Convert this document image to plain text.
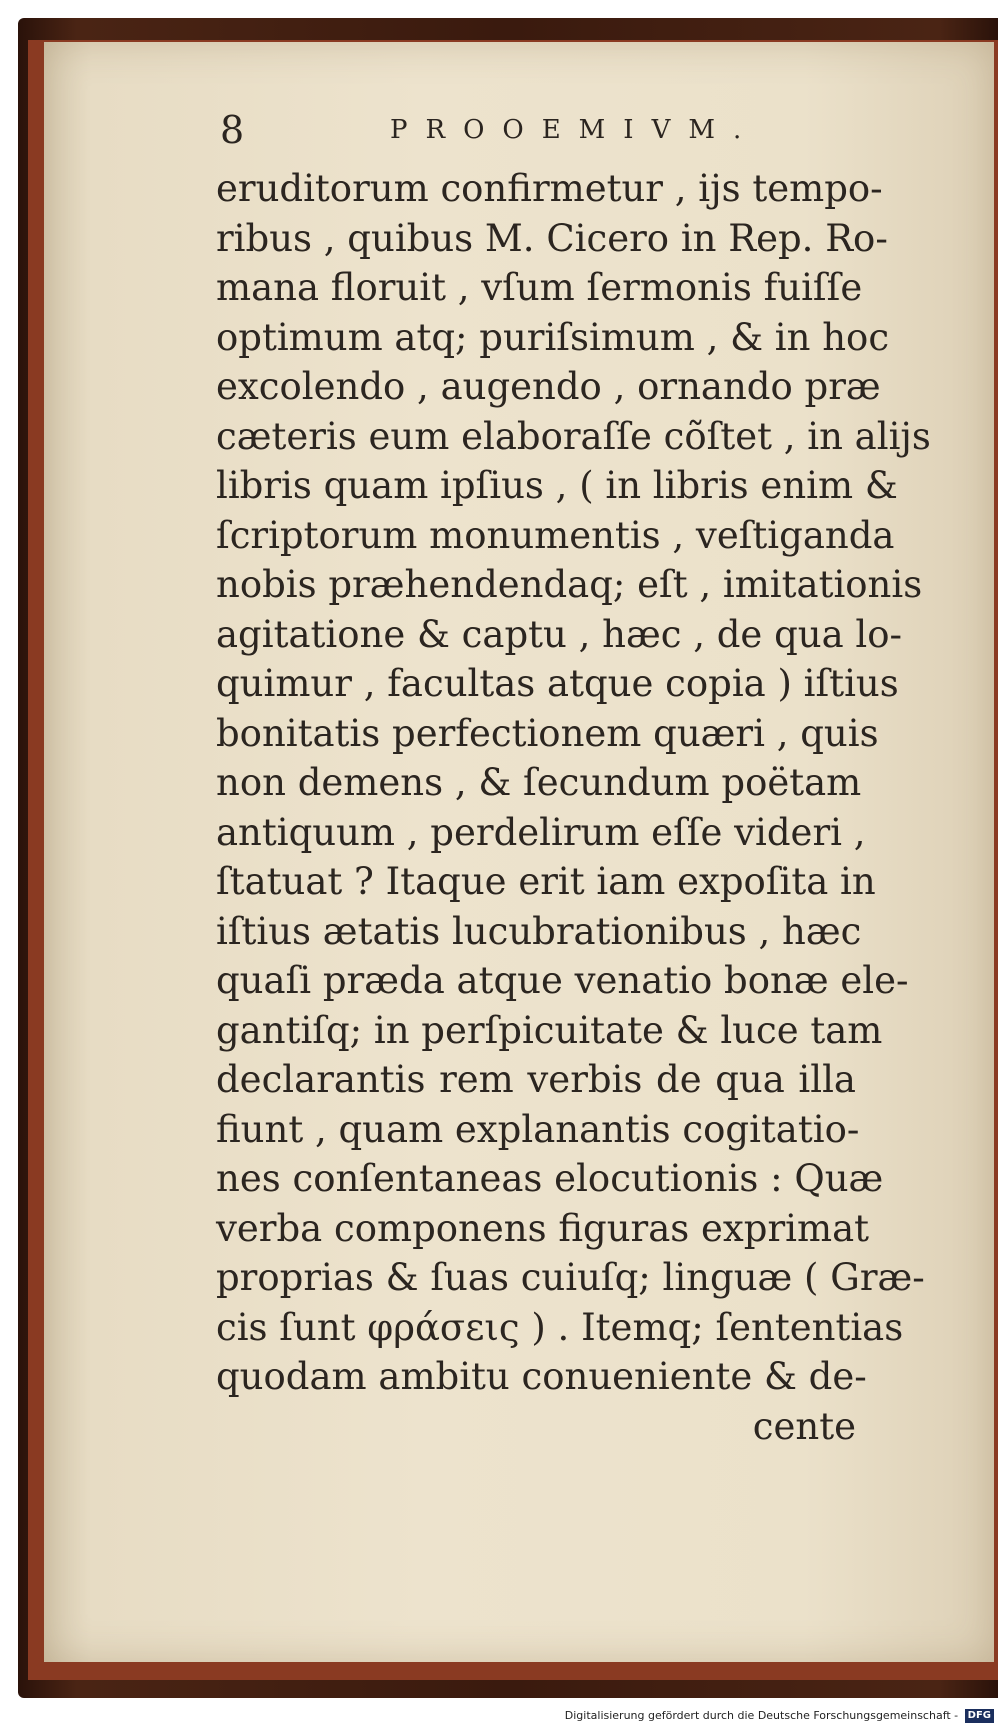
8	PROOEMIVM.
eruditorum confirmetur , ijs tempo-
ribus , quibus M. Cicero in Rep. Ro-
mana floruit , vſum ſermonis fuiſſe
optimum atq; puriſsimum , & in hoc
excolendo , augendo , ornando præ
cæteris eum elaboraſſe cõſtet , in alijs
libris quam ipſius , ( in libris enim &
ſcriptorum monumentis , veſtiganda
nobis præhendendaq; eſt , imitationis
agitatione & captu , hæc , de qua lo-
quimur , facultas atque copia ) iſtius
bonitatis perfectionem quæri , quis
non demens , & ſecundum poëtam
antiquum , perdelirum eſſe videri ,
ſtatuat ? Itaque erit iam expoſita in
iſtius ætatis lucubrationibus , hæc
quaſi præda atque venatio bonæ ele-
gantiſq; in perſpicuitate & luce tam
declarantis rem verbis de qua illa
fiunt , quam explanantis cogitatio-
nes conſentaneas elocutionis : Quæ
verba componens figuras exprimat
proprias & ſuas cuiuſq; linguæ ( Græ-
cis ſunt φράσεις ) . Itemq; ſententias
quodam ambitu conueniente & de-
cente
Digitalisierung gefördert durch die Deutsche Forschungsgemeinschaft - DFG
